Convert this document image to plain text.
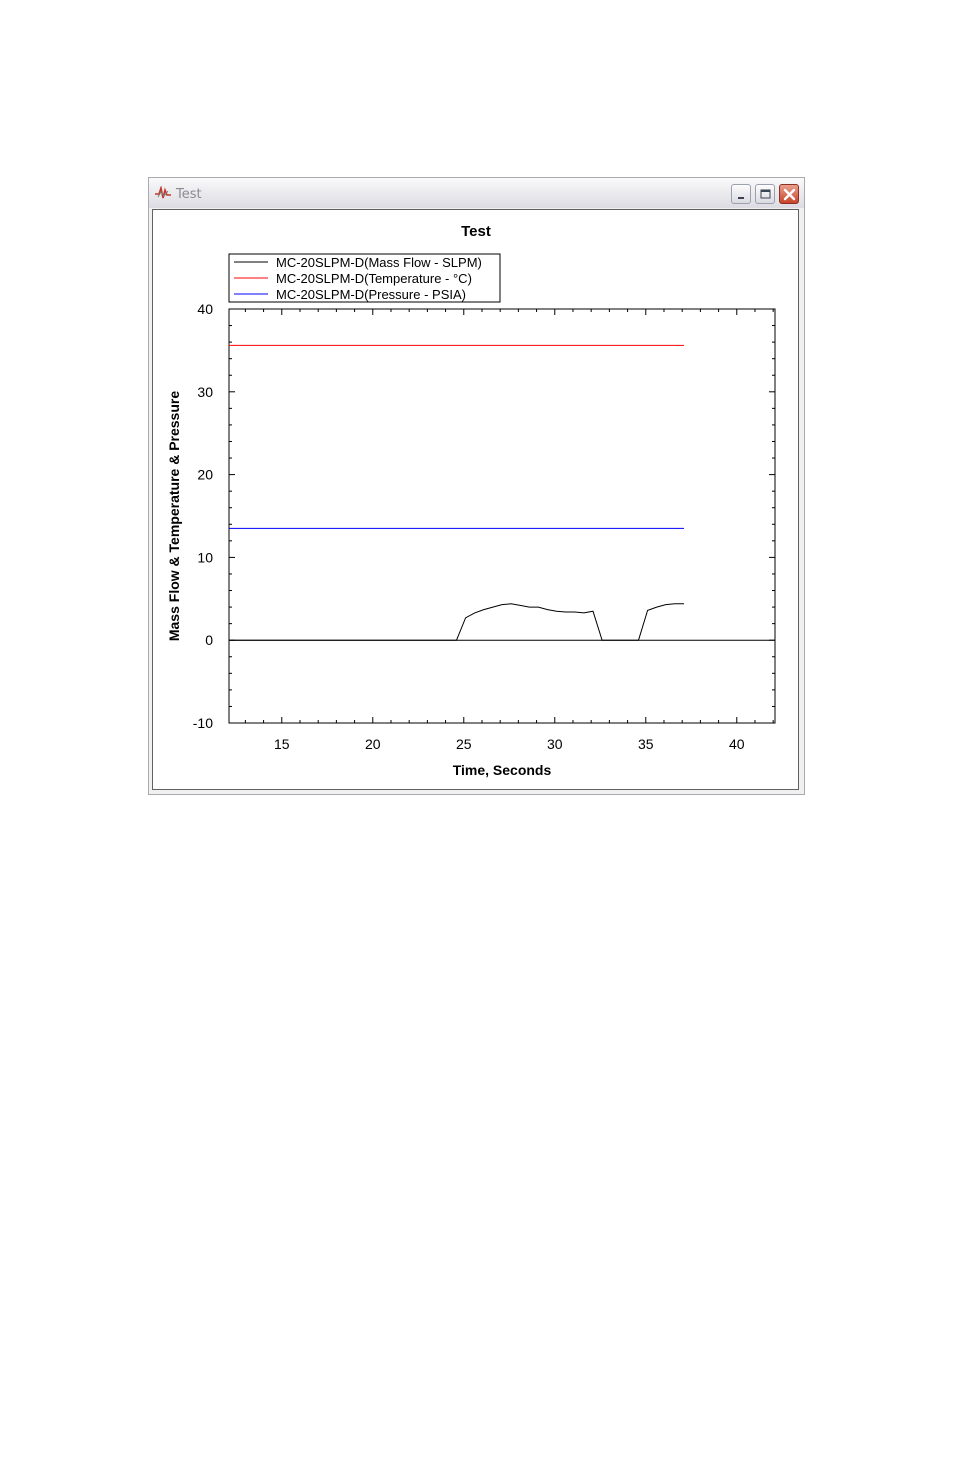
Test
Test
MC-20SLPM-D(Mass Flow - SLPM)
MC-20SLPM-D(Temperature - °C)
MC-20SLPM-D(Pressure - PSIA)
15	20	25	30	35	40
40
30
20
10
0
-10
Time, Seconds
Mass Flow & Temperature & Pressure
